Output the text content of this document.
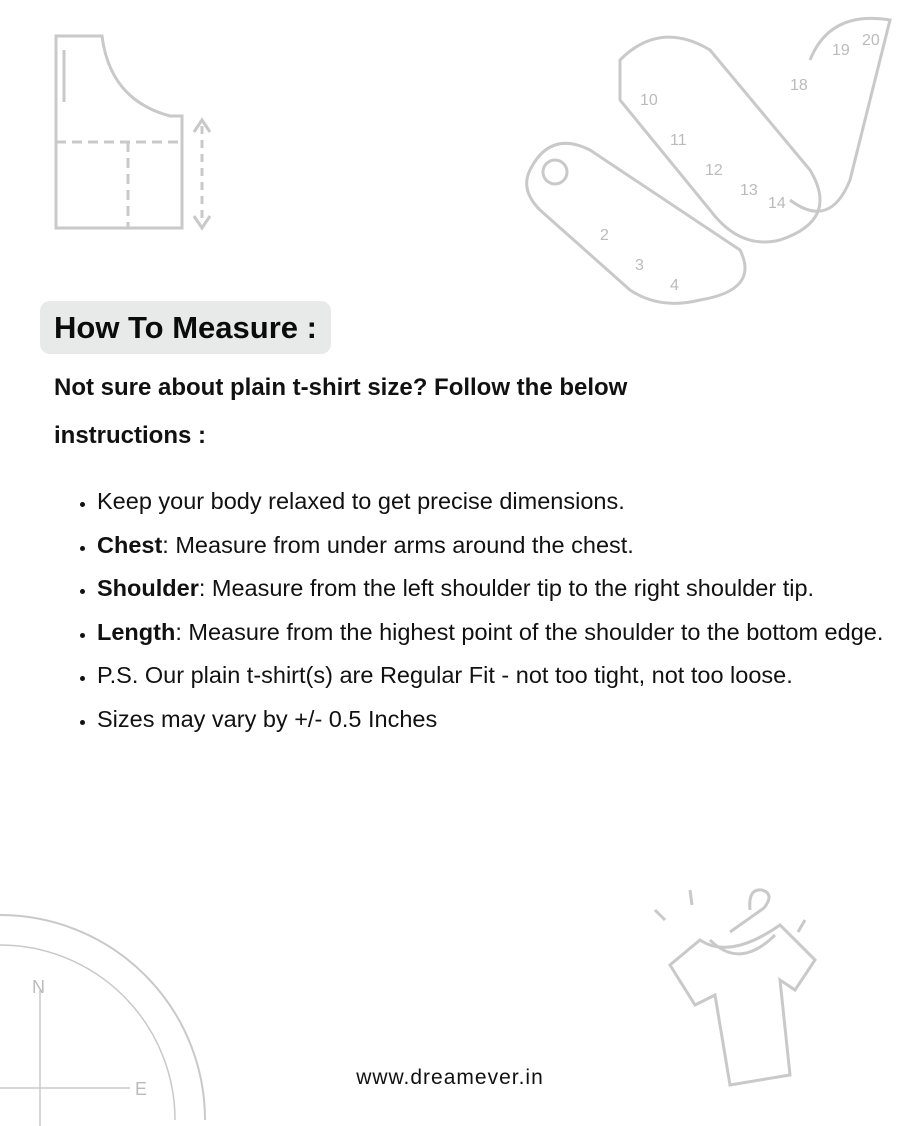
20
19
18
10
11
12
13
14
2
3
4
How To Measure :
Not sure about plain t-shirt size? Follow the below instructions :
• Keep your body relaxed to get precise dimensions.
• Chest: Measure from under arms around the chest.
• Shoulder: Measure from the left shoulder tip to the right shoulder tip.
• Length: Measure from the highest point of the shoulder to the bottom edge.
• P.S. Our plain t-shirt(s) are Regular Fit - not too tight, not too loose.
• Sizes may vary by +/- 0.5 Inches
N
E	www.dreamever.in
